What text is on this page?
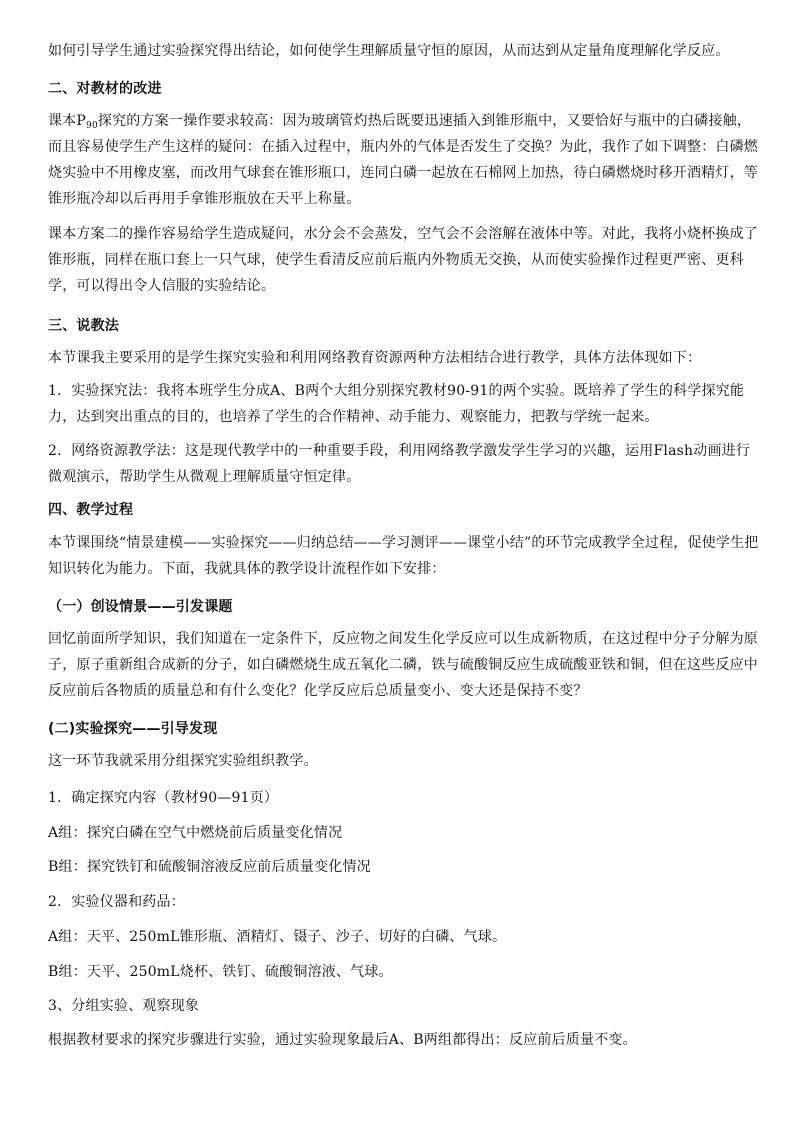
如何引导学生通过实验探究得出结论，如何使学生理解质量守恒的原因，从而达到从定量角度理解化学反应。

二、对教材的改进

课本P90探究的方案一操作要求较高：因为玻璃管灼热后既要迅速插入到锥形瓶中，又要恰好与瓶中的白磷接触，而且容易使学生产生这样的疑问：在插入过程中，瓶内外的气体是否发生了交换？为此，我作了如下调整：白磷燃烧实验中不用橡皮塞，而改用气球套在锥形瓶口，连同白磷一起放在石棉网上加热，待白磷燃烧时移开酒精灯，等锥形瓶冷却以后再用手拿锥形瓶放在天平上称量。

课本方案二的操作容易给学生造成疑问，水分会不会蒸发，空气会不会溶解在液体中等。对此，我将小烧杯换成了锥形瓶，同样在瓶口套上一只气球，使学生看清反应前后瓶内外物质无交换，从而使实验操作过程更严密、更科学，可以得出令人信服的实验结论。

三、说教法

本节课我主要采用的是学生探究实验和利用网络教育资源两种方法相结合进行教学，具体方法体现如下：

1．实验探究法：我将本班学生分成A、B两个大组分别探究教材90-91的两个实验。既培养了学生的科学探究能力，达到突出重点的目的，也培养了学生的合作精神、动手能力、观察能力，把教与学统一起来。

2．网络资源教学法：这是现代教学中的一种重要手段，利用网络教学激发学生学习的兴趣，运用Flash动画进行微观演示，帮助学生从微观上理解质量守恒定律。

四、教学过程

本节课围绕“情景建模——实验探究——归纳总结——学习测评——课堂小结”的环节完成教学全过程，促使学生把知识转化为能力。下面，我就具体的教学设计流程作如下安排：

（一）创设情景——引发课题

回忆前面所学知识，我们知道在一定条件下，反应物之间发生化学反应可以生成新物质，在这过程中分子分解为原子，原子重新组合成新的分子，如白磷燃烧生成五氧化二磷，铁与硫酸铜反应生成硫酸亚铁和铜，但在这些反应中反应前后各物质的质量总和有什么变化？化学反应后总质量变小、变大还是保持不变？

(二)实验探究——引导发现

这一环节我就采用分组探究实验组织教学。

1．确定探究内容（教材90—91页）

A组：探究白磷在空气中燃烧前后质量变化情况

B组：探究铁钉和硫酸铜溶液反应前后质量变化情况

2．实验仪器和药品：

A组：天平、250mL锥形瓶、酒精灯、镊子、沙子、切好的白磷、气球。

B组：天平、250mL烧杯、铁钉、硫酸铜溶液、气球。

3、分组实验、观察现象

根据教材要求的探究步骤进行实验，通过实验现象最后A、B两组都得出：反应前后质量不变。
